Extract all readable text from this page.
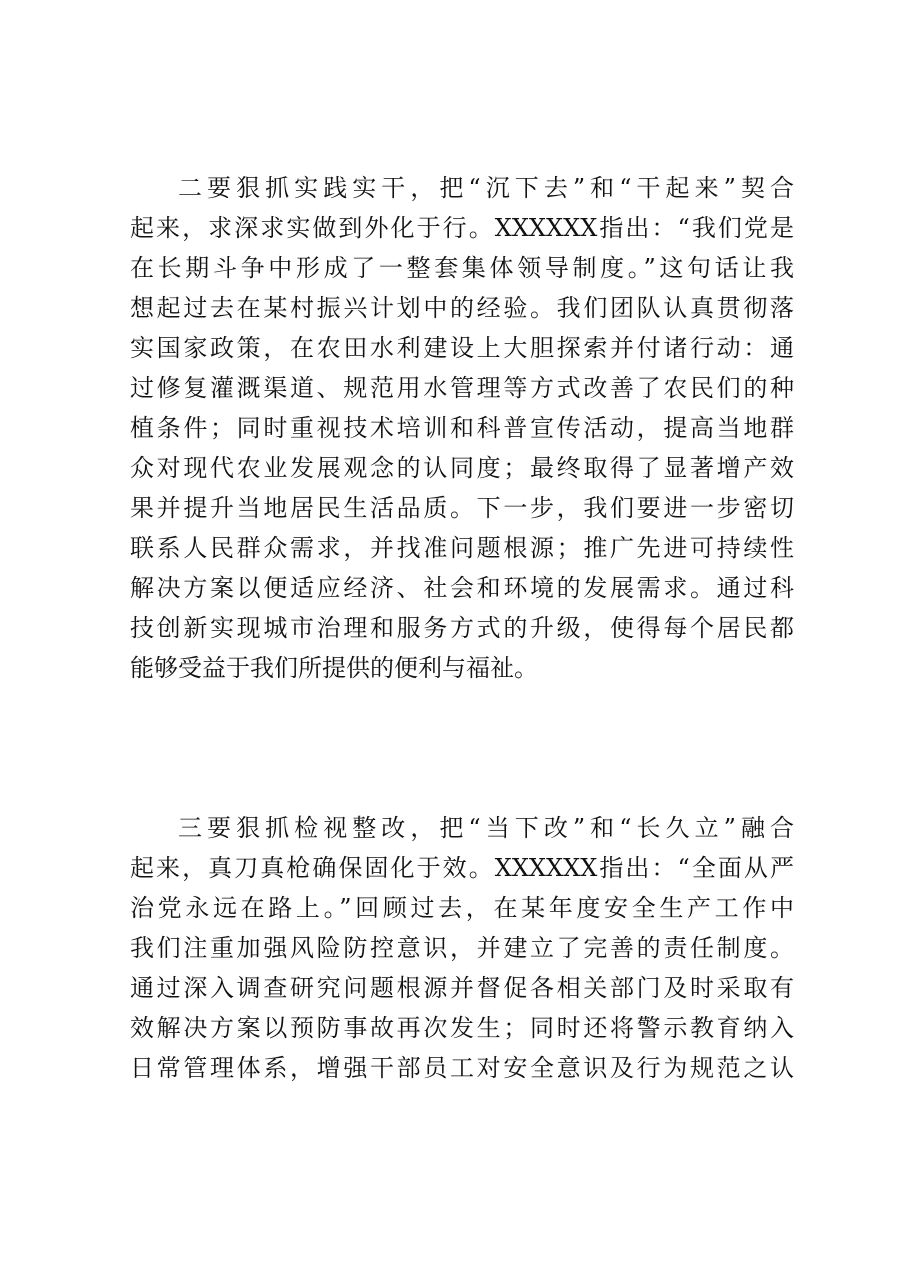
二要狠抓实践实干，把“沉下去”和“干起来”契合
起来，求深求实做到外化于行。XXXXXX指出：“我们党是
在长期斗争中形成了一整套集体领导制度。”这句话让我
想起过去在某村振兴计划中的经验。我们团队认真贯彻落
实国家政策，在农田水利建设上大胆探索并付诸行动：通
过修复灌溉渠道、规范用水管理等方式改善了农民们的种
植条件；同时重视技术培训和科普宣传活动，提高当地群
众对现代农业发展观念的认同度；最终取得了显著增产效
果并提升当地居民生活品质。下一步，我们要进一步密切
联系人民群众需求，并找准问题根源；推广先进可持续性
解决方案以便适应经济、社会和环境的发展需求。通过科
技创新实现城市治理和服务方式的升级，使得每个居民都
能够受益于我们所提供的便利与福祉。
三要狠抓检视整改，把“当下改”和“长久立”融合
起来，真刀真枪确保固化于效。XXXXXX指出：“全面从严
治党永远在路上。”回顾过去，在某年度安全生产工作中
我们注重加强风险防控意识，并建立了完善的责任制度。
通过深入调查研究问题根源并督促各相关部门及时采取有
效解决方案以预防事故再次发生；同时还将警示教育纳入
日常管理体系，增强干部员工对安全意识及行为规范之认
